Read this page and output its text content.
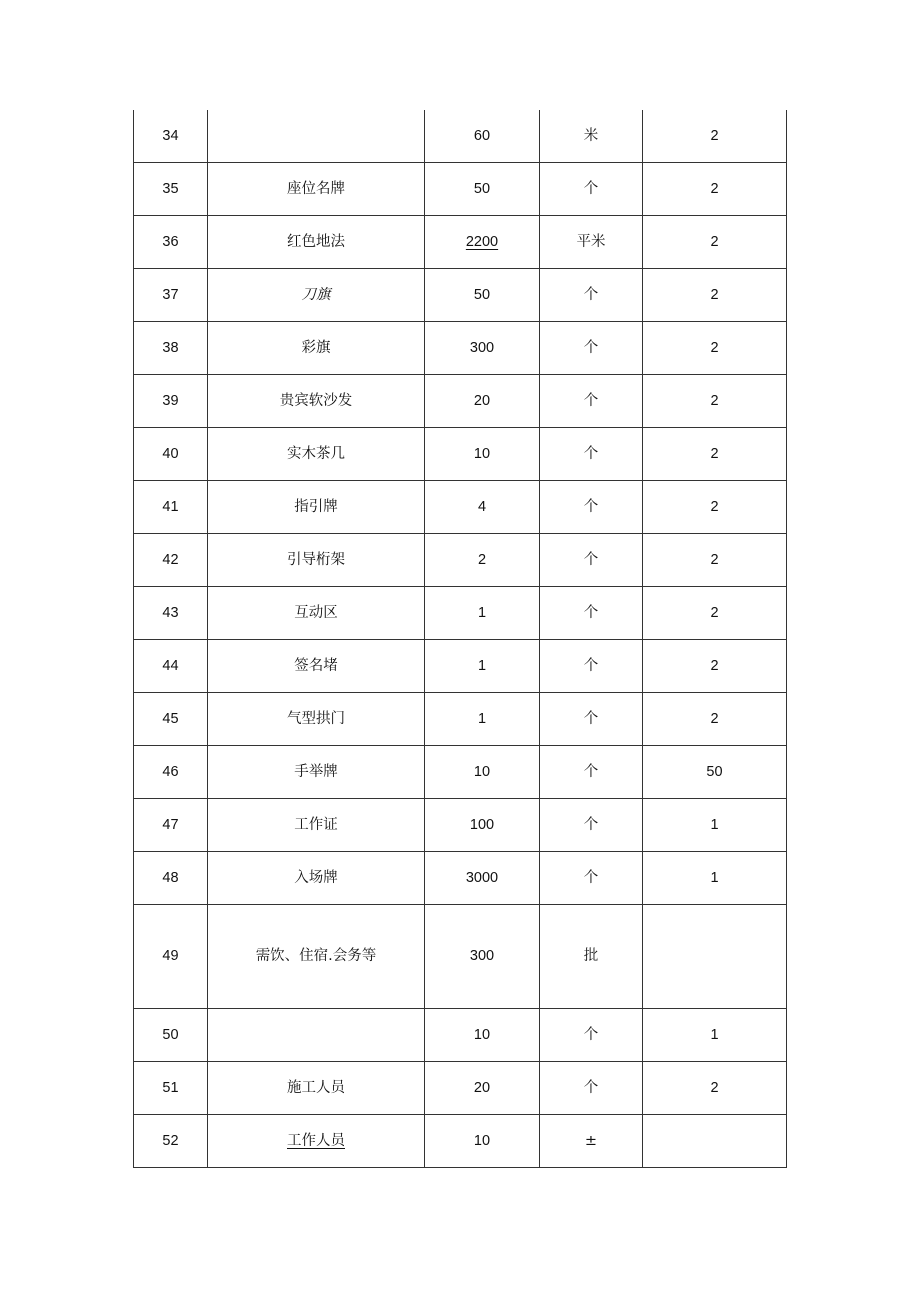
34		60	米	2
35	座位名牌	50	个	2
36	红色地法	2200	平米	2
37	刀旗	50	个	2
38	彩旗	300	个	2
39	贵宾软沙发	20	个	2
40	实木茶几	10	个	2
41	指引牌	4	个	2
42	引导桁架	2	个	2
43	互动区	1	个	2
44	签名堵	1	个	2
45	气型拱门	1	个	2
46	手举牌	10	个	50
47	工作证	100	个	1
48	入场牌	3000	个	1
49	需饮、住宿.会务等	300	批	
50		10	个	1
51	施工人员	20	个	2
52	工作人员	10	±	
